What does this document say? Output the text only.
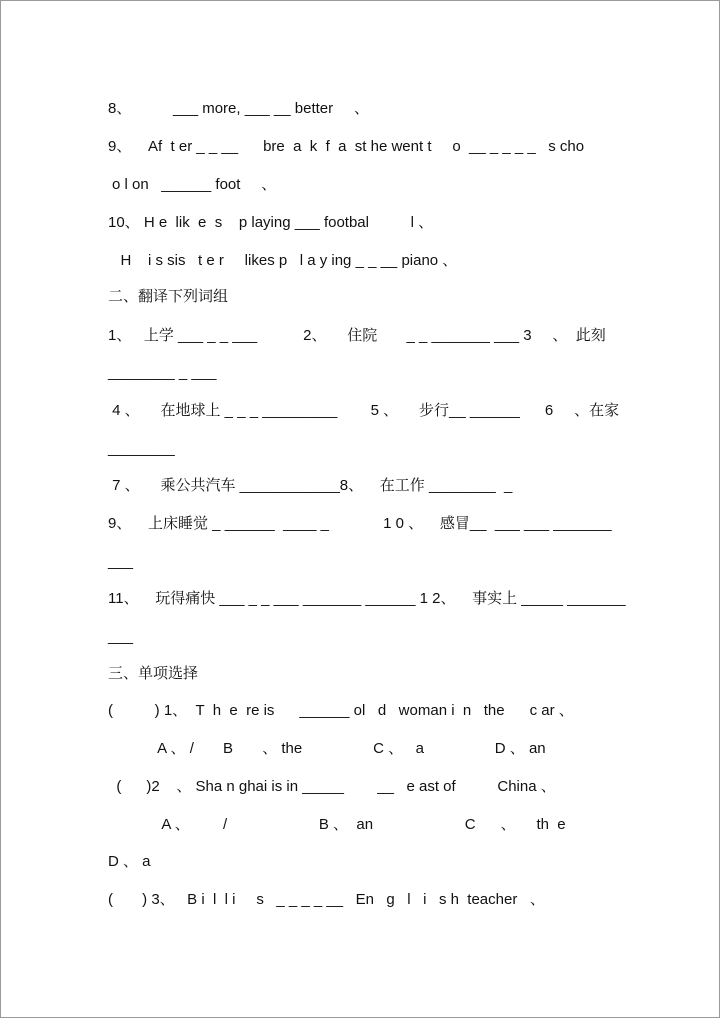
8、          ___ more, ___ __ better     、
9、    Af  t er _ _ __      bre  a  k  f  a  st he went t     o  __ _ _ _ _   s cho
o l on   ______ foot     、
10、 H e  lik  e  s    p laying ___ footbal          l 、
H    i s sis   t e r     likes p   l a y ing _ _ __ piano 、
二、翻译下列词组
1、   上学 ___ _ _ ___           2、     住院       _ _ _______ ___ 3     、  此刻
________ _ ___
4 、     在地球上 _ _ _ _________        5 、     步行__ ______      6     、在家
________
7 、     乘公共汽车 ____________8、    在工作 ________  _
9、    上床睡觉 _ ______  ____ _             1 0 、    感冒__  ___ ___ _______
___
11、    玩得痛快 ___ _ _ ___ _______ ______ 1 2、    事实上 _____ _______
___
三、单项选择
(          ) 1、  T  h  e  re is      ______ ol   d   woman i  n   the      c ar 、
A 、 /       B       、 the                 C 、   a                 D 、 an
(      )2    、 Sha n ghai is in _____        __   e ast of          China 、
A 、        /                      B 、  an                      C      、     th  e
D 、 a
(       ) 3、   B i  l  l i     s   _ _ _ _ __   En   g   l   i   s h  teacher   、
